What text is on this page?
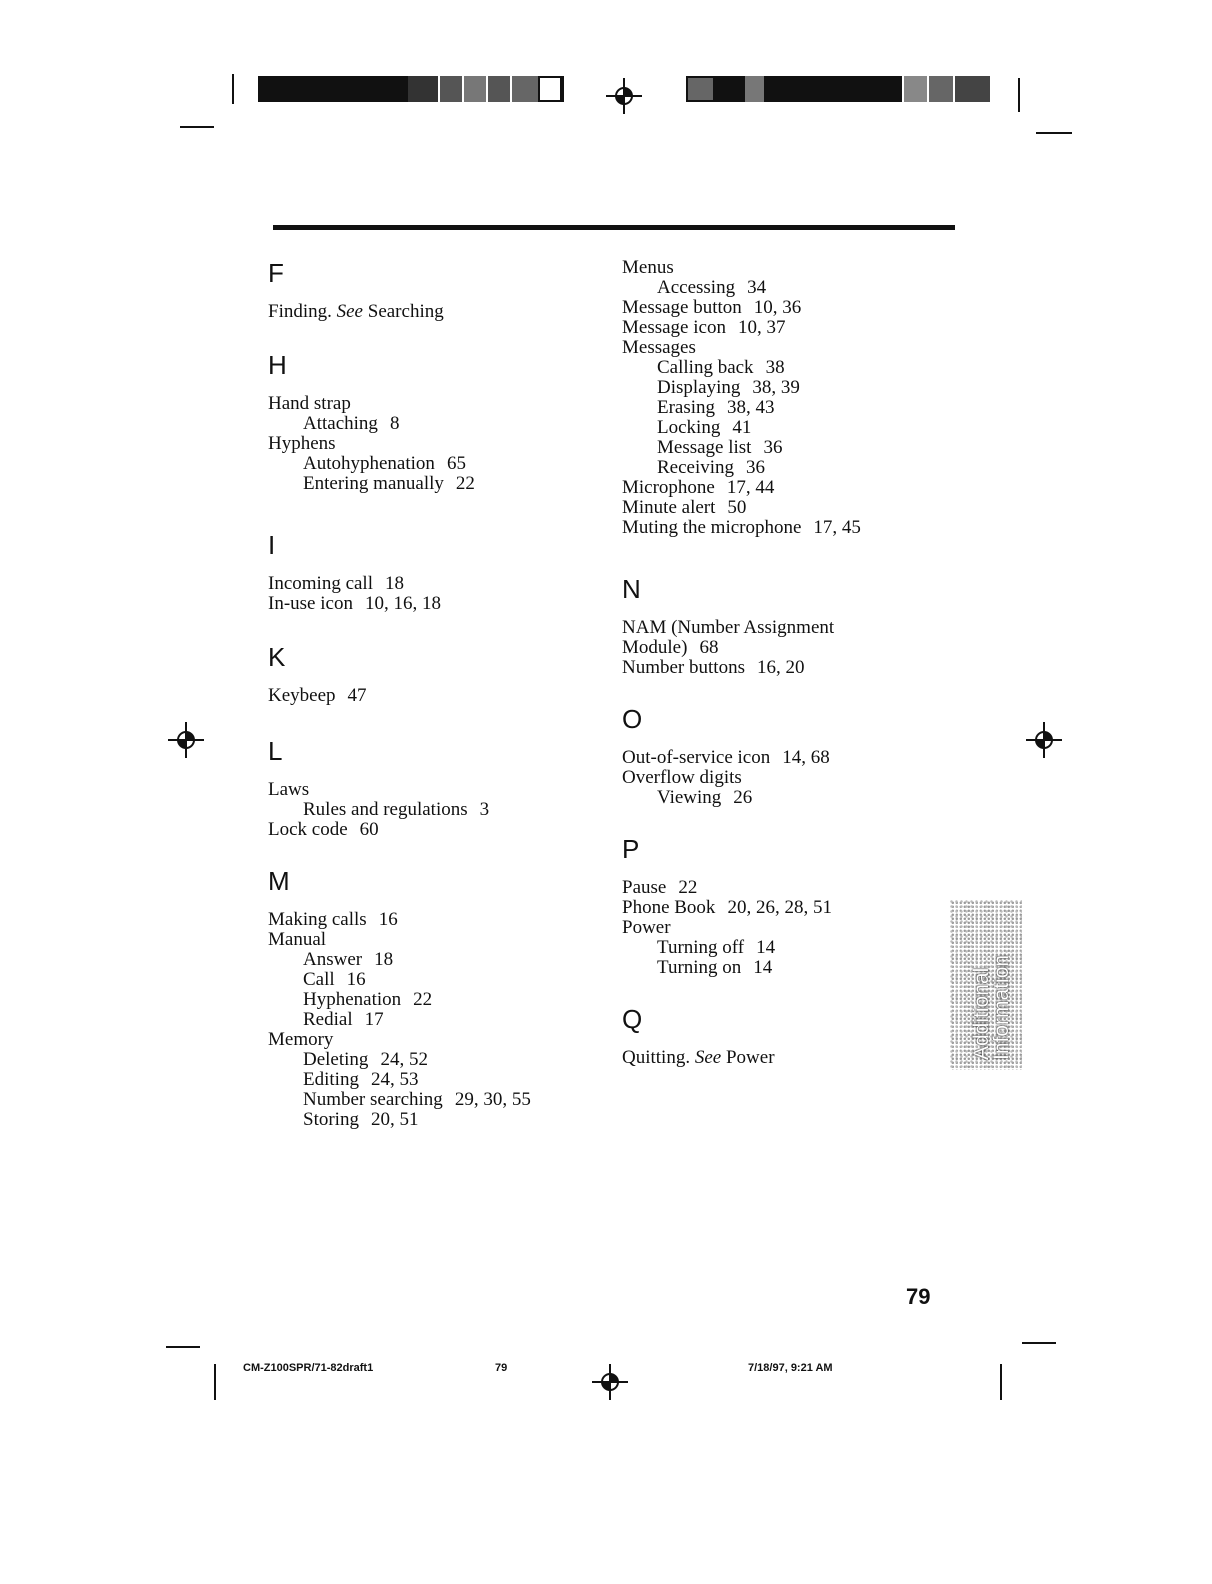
F
Finding. See Searching
H
Hand strap
Attaching 8
Hyphens
Autohyphenation 65
Entering manually 22
I
Incoming call 18
In-use icon 10, 16, 18
K
Keybeep 47
L
Laws
Rules and regulations 3
Lock code 60
M
Making calls 16
Manual
Answer 18
Call 16
Hyphenation 22
Redial 17
Memory
Deleting 24, 52
Editing 24, 53
Number searching 29, 30, 55
Storing 20, 51
Menus
Accessing 34
Message button 10, 36
Message icon 10, 37
Messages
Calling back 38
Displaying 38, 39
Erasing 38, 43
Locking 41
Message list 36
Receiving 36
Microphone 17, 44
Minute alert 50
Muting the microphone 17, 45
N
NAM (Number Assignment
Module) 68
Number buttons 16, 20
O
Out-of-service icon 14, 68
Overflow digits
Viewing 26
P
Pause 22
Phone Book 20, 26, 28, 51
Power
Turning off 14
Turning on 14
Q
Quitting. See Power	Additional
Information
79
CM-Z100SPR/71-82draft1	79	7/18/97, 9:21 AM
